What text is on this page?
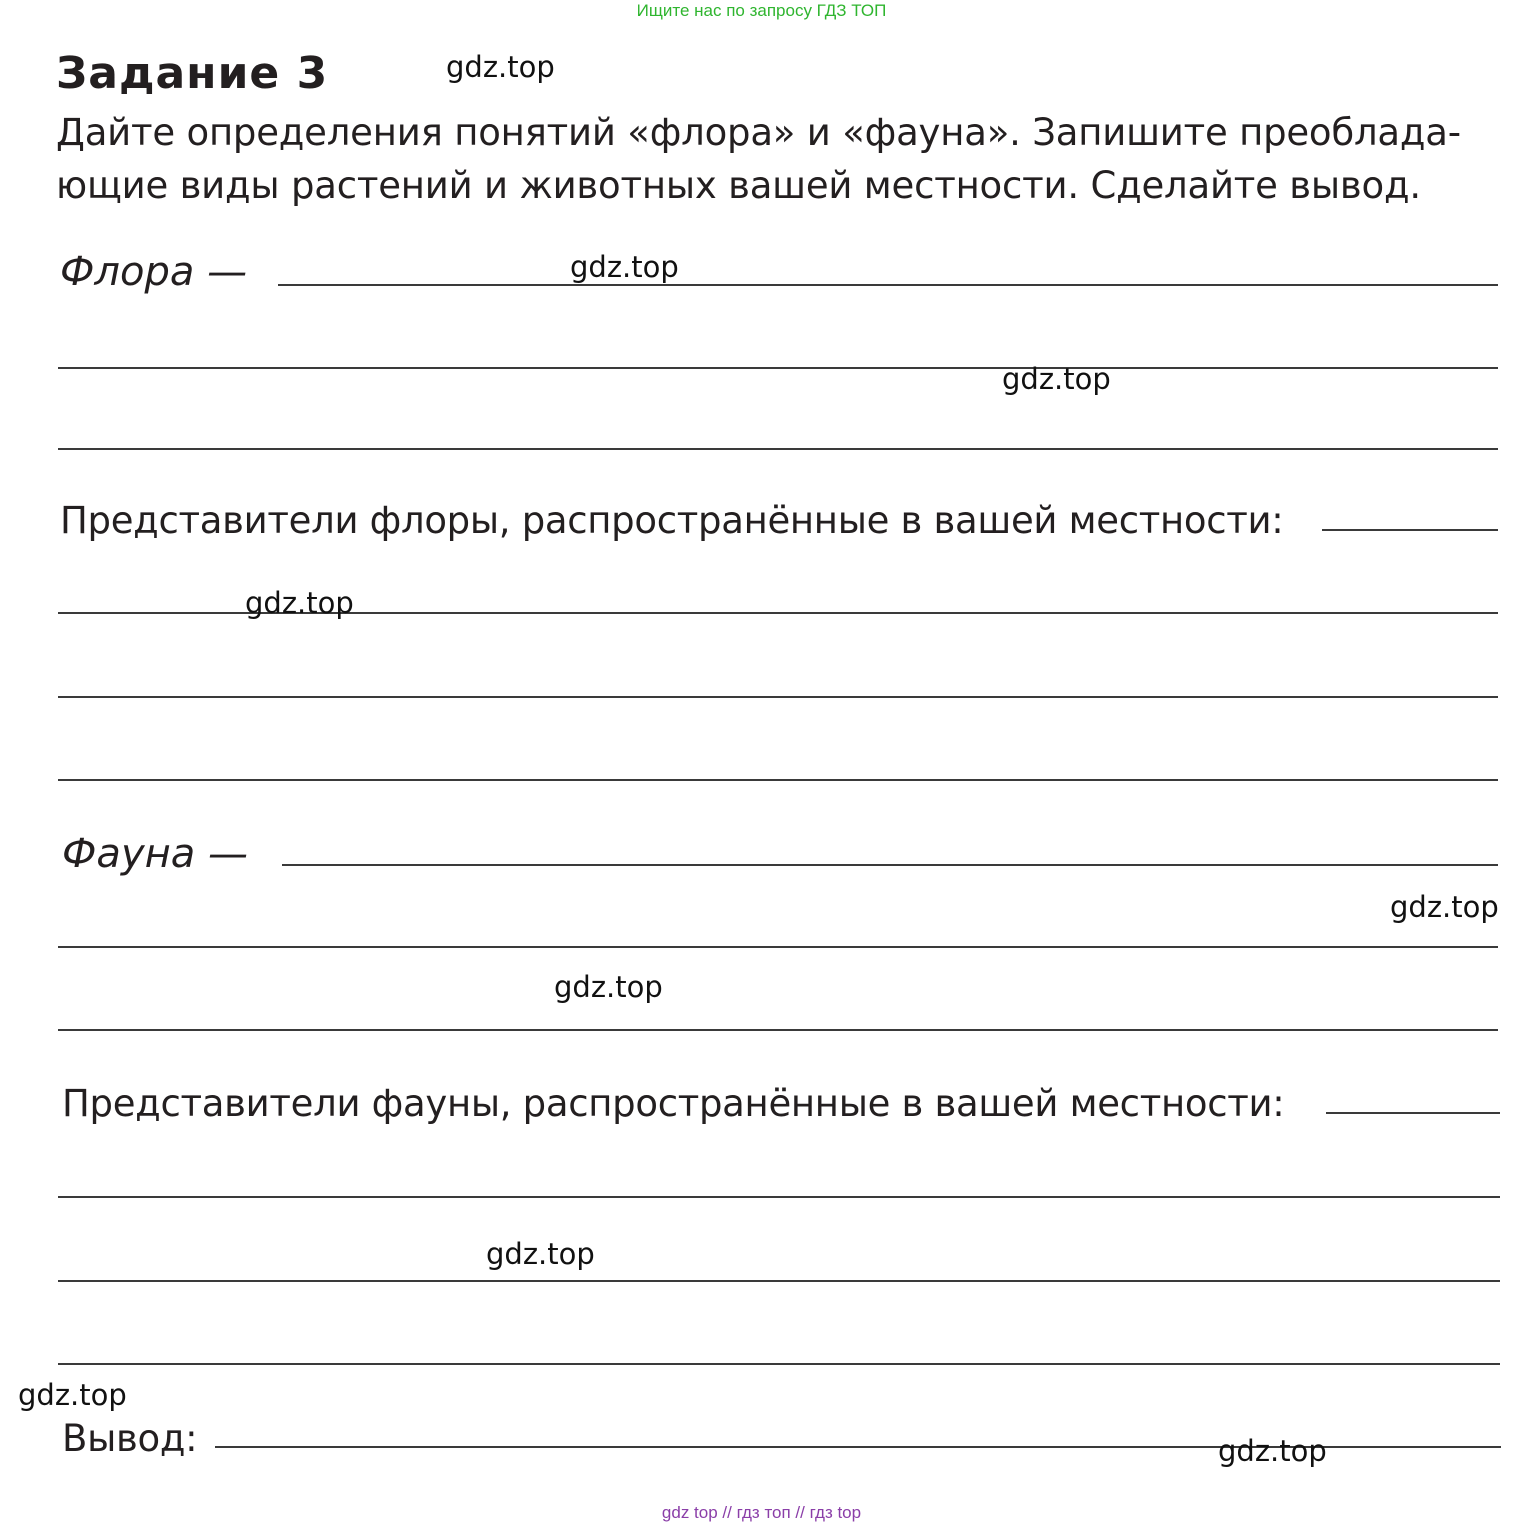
Ищите нас по запросу ГДЗ ТОП
Задание 3
Дайте определения понятий «флора» и «фауна». Запишите преоблада-
ющие виды растений и животных вашей местности. Сделайте вывод.
Флора —
Представители флоры, распространённые в вашей местности:
Фауна —
Представители фауны, распространённые в вашей местности:
Вывод:
gdz.top
gdz.top
gdz.top
gdz.top
gdz.top
gdz.top
gdz.top
gdz.top
gdz.top
gdz top // гдз топ // гдз top
